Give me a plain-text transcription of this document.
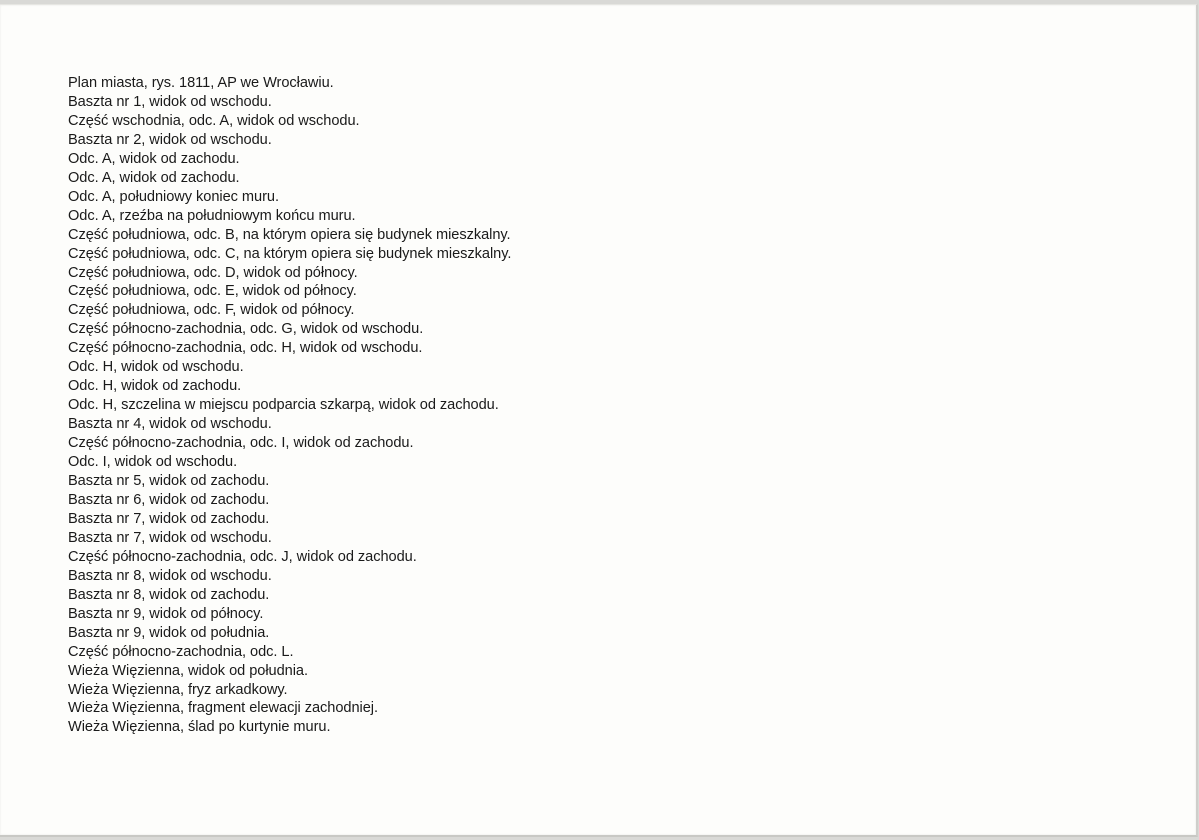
Plan miasta, rys. 1811, AP we Wrocławiu.
Baszta nr 1, widok od wschodu.
Część wschodnia, odc. A, widok od wschodu.
Baszta nr 2, widok od wschodu.
Odc. A, widok od zachodu.
Odc. A, widok od zachodu.
Odc. A, południowy koniec muru.
Odc. A, rzeźba na południowym końcu muru.
Część południowa, odc. B, na którym opiera się budynek mieszkalny.
Część południowa, odc. C, na którym opiera się budynek mieszkalny.
Część południowa, odc. D, widok od północy.
Część południowa, odc. E, widok od północy.
Część południowa, odc. F, widok od północy.
Część północno-zachodnia, odc. G, widok od wschodu.
Część północno-zachodnia, odc. H, widok od wschodu.
Odc. H, widok od wschodu.
Odc. H, widok od zachodu.
Odc. H, szczelina w miejscu podparcia szkarpą, widok od zachodu.
Baszta nr 4, widok od wschodu.
Część północno-zachodnia, odc. I, widok od zachodu.
Odc. I, widok od wschodu.
Baszta nr 5, widok od zachodu.
Baszta nr 6, widok od zachodu.
Baszta nr 7, widok od zachodu.
Baszta nr 7, widok od wschodu.
Część północno-zachodnia, odc. J, widok od zachodu.
Baszta nr 8, widok od wschodu.
Baszta nr 8, widok od zachodu.
Baszta nr 9, widok od północy.
Baszta nr 9, widok od południa.
Część północno-zachodnia, odc. L.
Wieża Więzienna, widok od południa.
Wieża Więzienna, fryz arkadkowy.
Wieża Więzienna, fragment elewacji zachodniej.
Wieża Więzienna, ślad po kurtynie muru.
